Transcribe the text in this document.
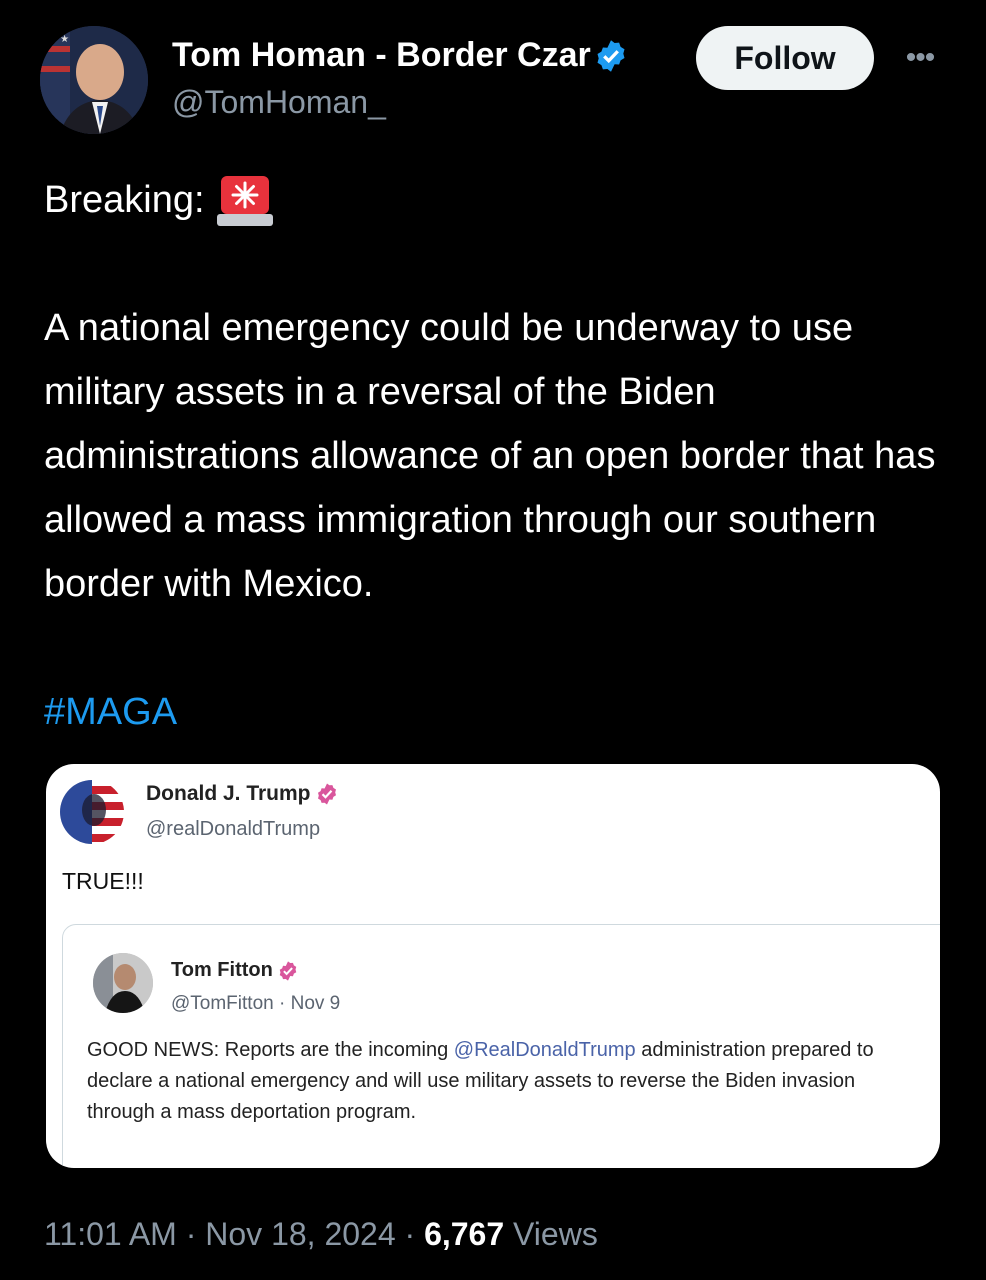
★ ★	Tom Homan - Border Czar
@TomHoman_
Follow	•••
Breaking:
A national emergency could be underway to use military assets in a reversal of the Biden administrations allowance of an open border that has allowed a mass immigration through our southern border with Mexico.
#MAGA
Donald J. Trump
@realDonaldTrump
TRUE!!!
Tom Fitton
@TomFitton · Nov 9
GOOD NEWS: Reports are the incoming @RealDonaldTrump administration prepared to declare a national emergency and will use military assets to reverse the Biden invasion through a mass deportation program.
11:01 AM · Nov 18, 2024 · 6,767 Views
